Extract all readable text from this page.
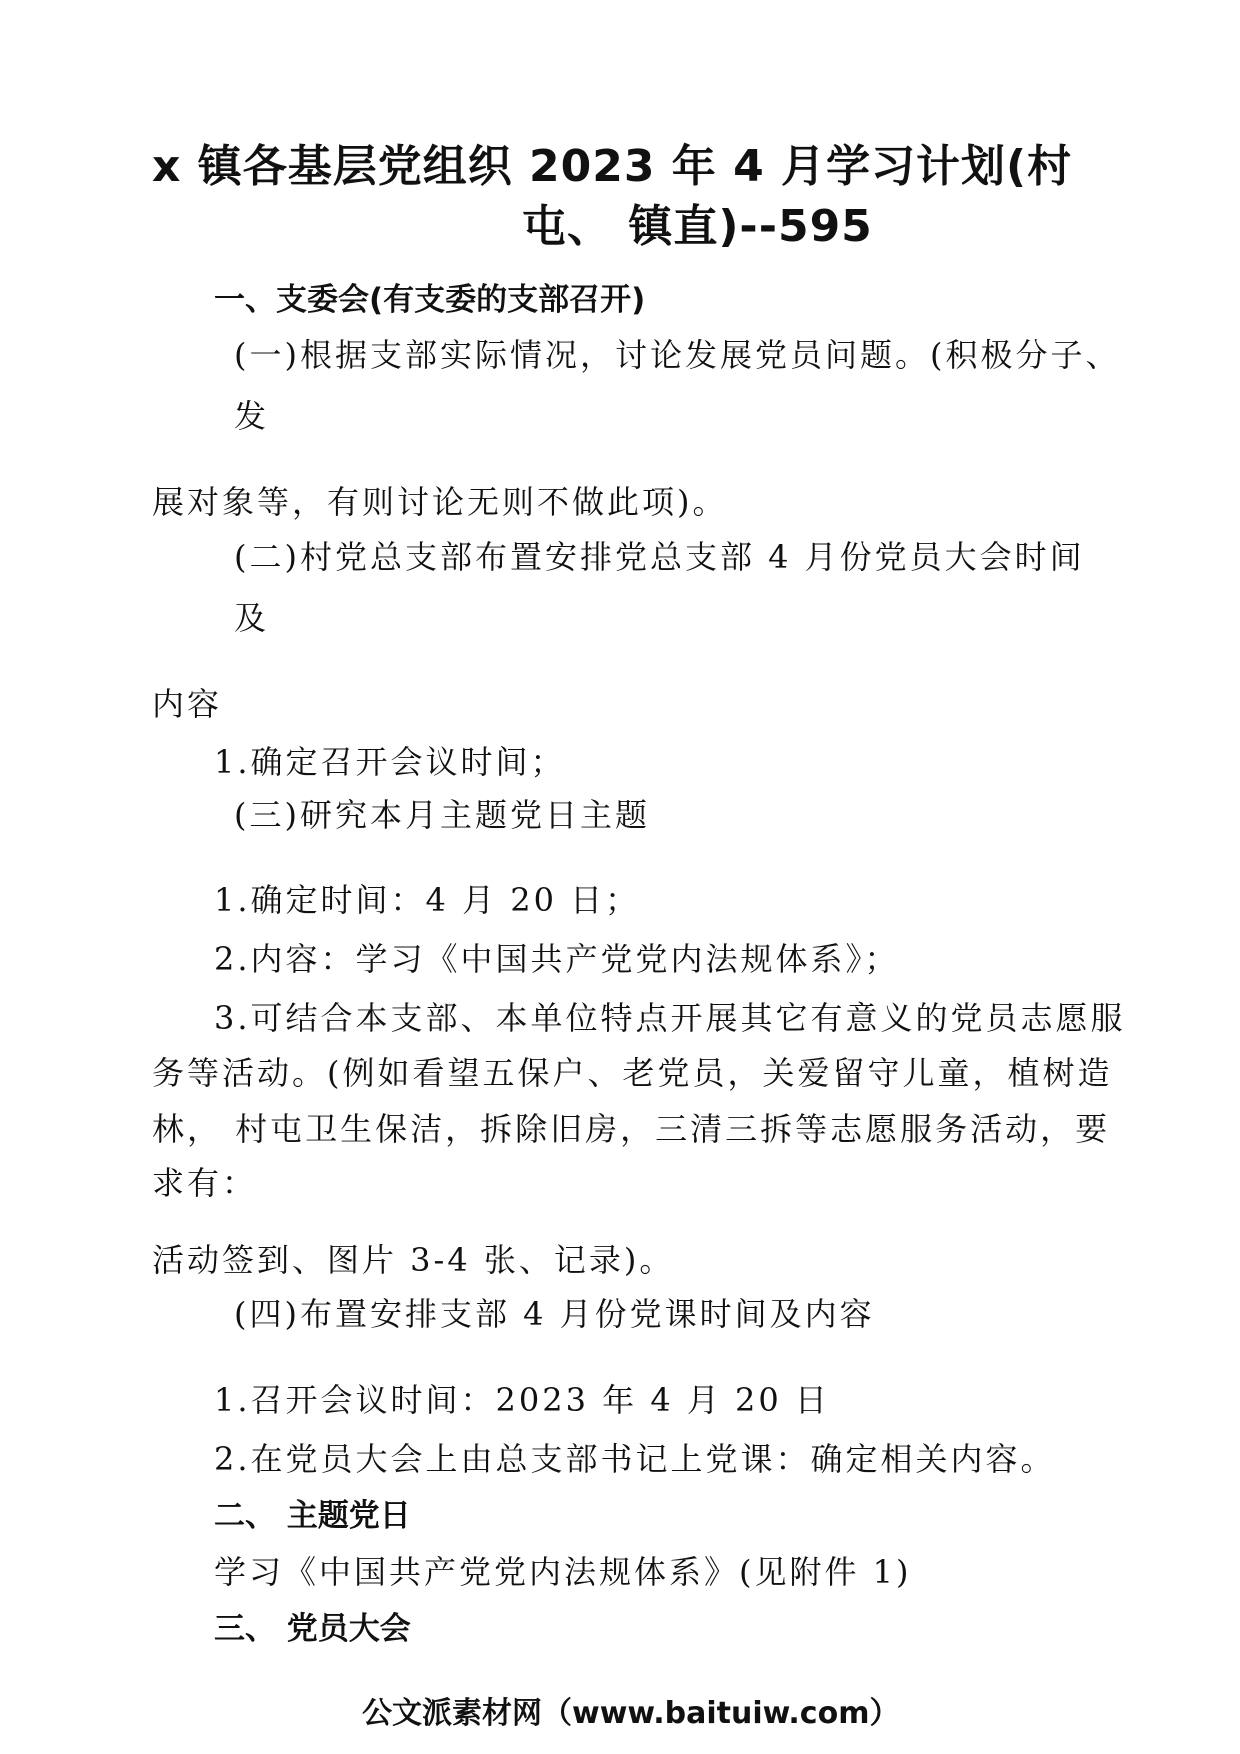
x 镇各基层党组织 2023 年 4 月学习计划(村
屯、 镇直)--595
一、支委会(有支委的支部召开)
(一)根据支部实际情况，讨论发展党员问题。(积极分子、
发
展对象等，有则讨论无则不做此项)。
(二)村党总支部布置安排党总支部 4 月份党员大会时间
及
内容
1.确定召开会议时间；
(三)研究本月主题党日主题
1.确定时间：4 月 20 日；
2.内容：学习《中国共产党党内法规体系》；
3.可结合本支部、本单位特点开展其它有意义的党员志愿服
务等活动。(例如看望五保户、老党员，关爱留守儿童，植树造
林， 村屯卫生保洁，拆除旧房，三清三拆等志愿服务活动，要
求有：
活动签到、图片 3-4 张、记录)。
(四)布置安排支部 4 月份党课时间及内容
1.召开会议时间：2023 年 4 月 20 日
2.在党员大会上由总支部书记上党课：确定相关内容。
二、 主题党日
学习《中国共产党党内法规体系》(见附件 1)
三、 党员大会
公文派素材网（www.baituiw.com）
